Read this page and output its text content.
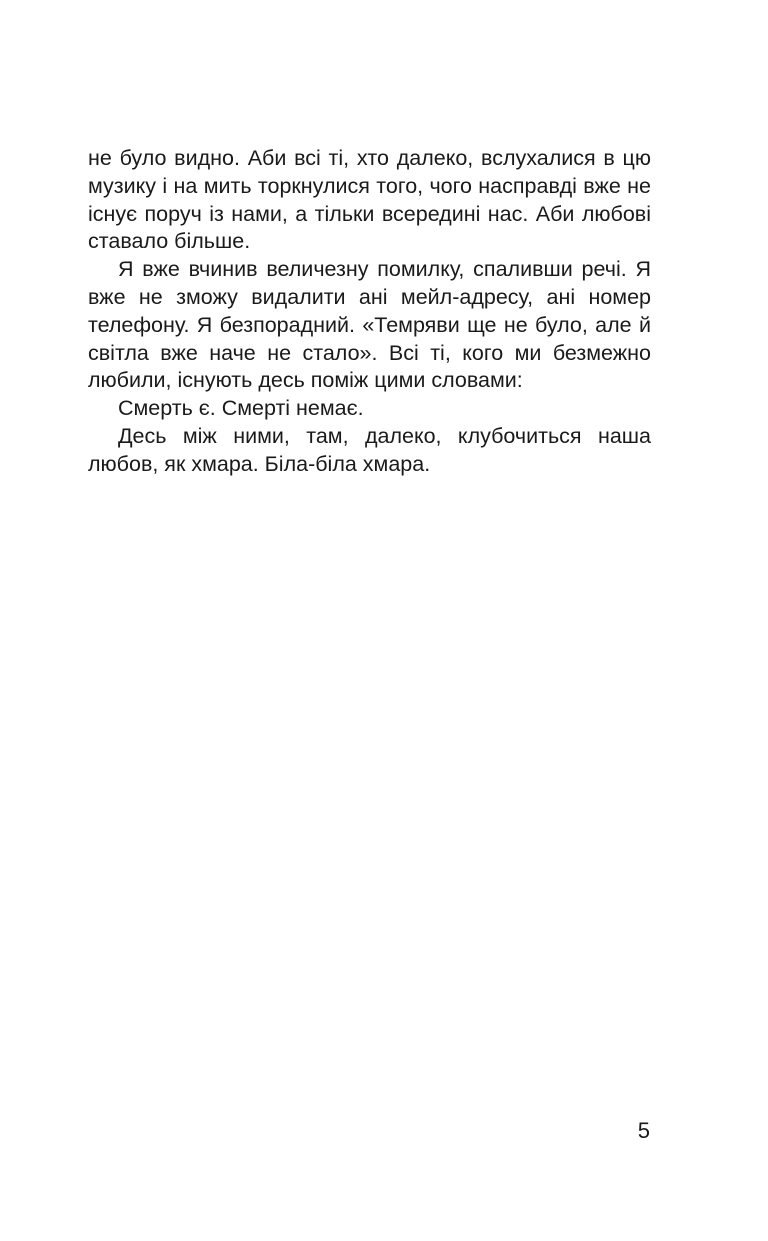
не було видно. Аби всі ті, хто далеко, вслухалися в цю музику і на мить торкнулися того, чого насправді вже не існує поруч із нами, а тільки всередині нас. Аби любові ставало більше.

Я вже вчинив величезну помилку, спаливши речі. Я вже не зможу видалити ані мейл-адресу, ані номер телефону. Я безпорадний. «Темряви ще не було, але й світла вже наче не стало». Всі ті, кого ми безмежно любили, існують десь поміж цими словами:

Смерть є. Смерті немає.

Десь між ними, там, далеко, клубочиться наша любов, як хмара. Біла-біла хмара.

5
